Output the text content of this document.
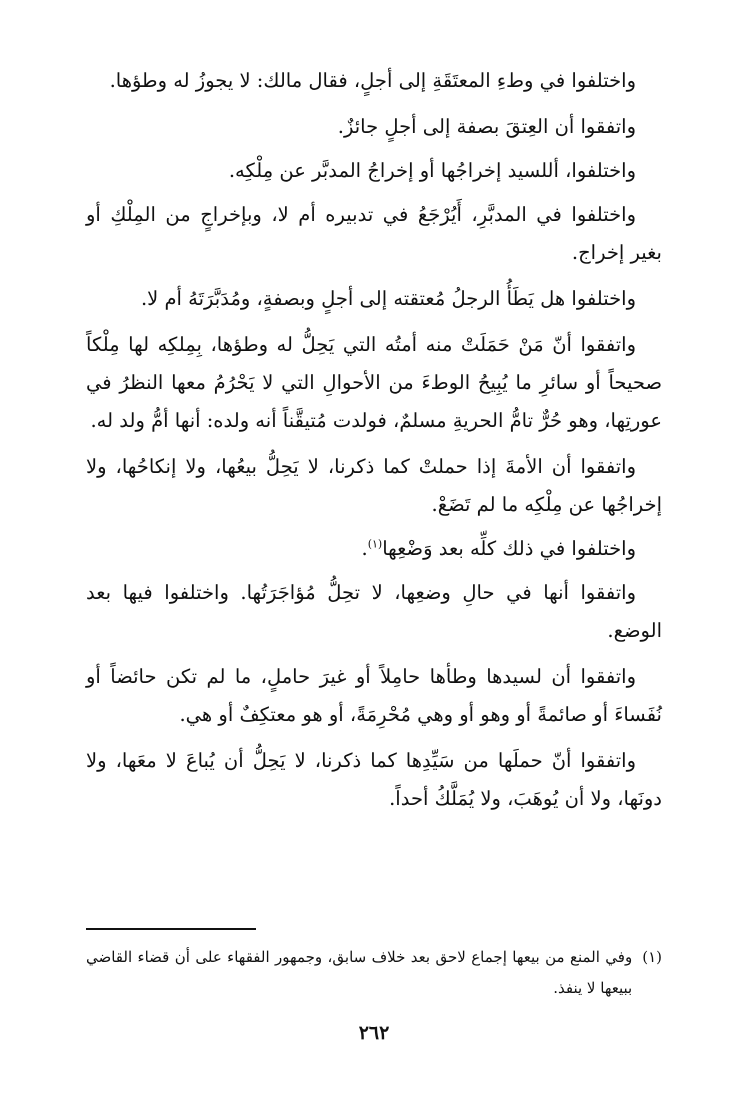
واختلفوا في وطءِ المعتَقَةِ إلى أجلٍ، فقال مالك: لا يجوزُ له وطؤها.

واتفقوا أن العِتقَ بصفة إلى أجلٍ جائزٌ.

واختلفوا، أللسيد إخراجُها أو إخراجُ المدبَّر عن مِلْكِه.

واختلفوا في المدبَّرِ، أَيُرْجَعُ في تدبيره أم لا، وبإخراجٍ من المِلْكِ أو بغير إخراج.

واختلفوا هل يَطَأُ الرجلُ مُعتقته إلى أجلٍ وبصفةٍ، ومُدَبَّرَتَهُ أم لا.

واتفقوا أنّ مَنْ حَمَلَتْ منه أمتُه التي يَحِلُّ له وطؤها، بِمِلكِه لها مِلْكاً صحيحاً أو سائرِ ما يُبِيحُ الوطءَ من الأحوالِ التي لا يَحْرُمُ معها النظرُ في عورتِها، وهو حُرٌّ تامُّ الحريةِ مسلمٌ، فولدت مُتيقَّناً أنه ولده: أنها أمُّ ولد له.

واتفقوا أن الأمةَ إذا حملتْ كما ذكرنا، لا يَحِلُّ بيعُها، ولا إنكاحُها، ولا إخراجُها عن مِلْكِه ما لم تَضَعْ.

واختلفوا في ذلك كلِّه بعد وَضْعِها$^{(١)}$.

واتفقوا أنها في حالِ وضعِها، لا تحِلُّ مُؤاجَرَتُها. واختلفوا فيها بعد الوضع.

واتفقوا أن لسيدها وطأها حامِلاً أو غيرَ حاملٍ، ما لم تكن حائضاً أو نُفَساءَ أو صائمةً أو وهو أو وهي مُحْرِمَةً، أو هو معتكِفٌ أو هي.

واتفقوا أنّ حملَها من سَيِّدِها كما ذكرنا، لا يَحِلُّ أن يُباعَ لا معَها، ولا دونَها، ولا أن يُوهَبَ، ولا يُمَلَّكُ أحداً.

(١)
وفي المنع من بيعها إجماع لاحق بعد خلاف سابق، وجمهور الفقهاء على أن قضاء القاضي ببيعها لا ينفذ.

٢٦٢
